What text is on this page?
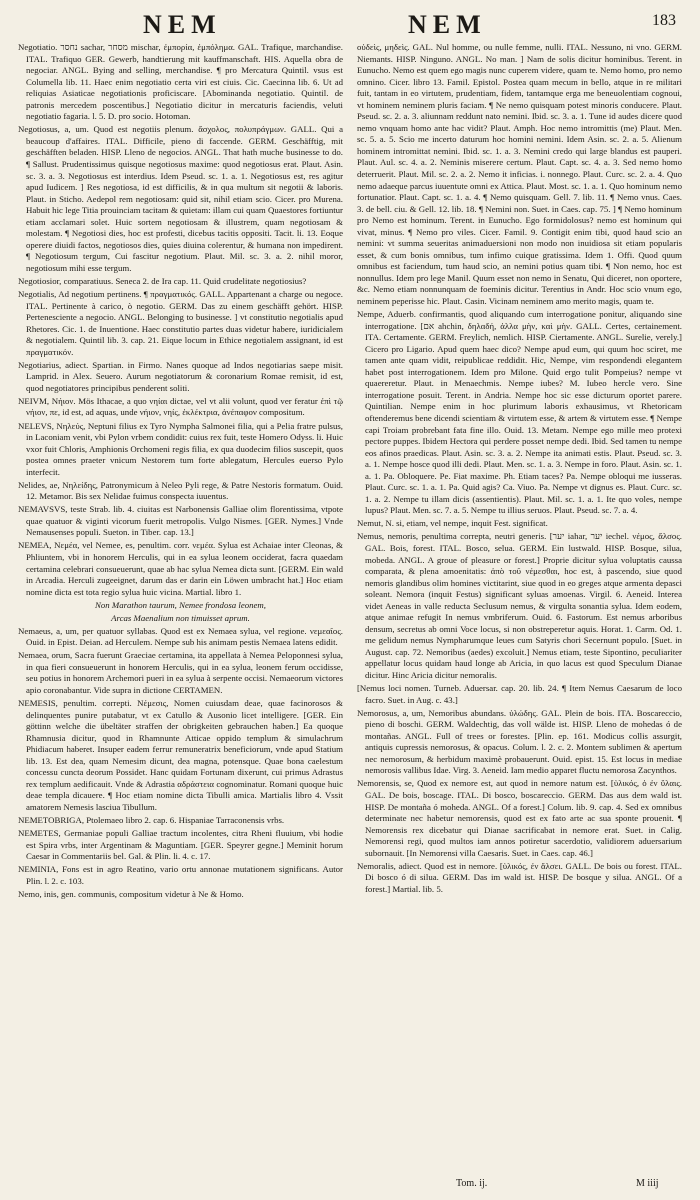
NEM	NEM	183

Negotiatio. נחסר sachar, מסחר mischar, ἐμπορία, ἐμπόλημα. GAL. Trafique, marchandise. ITAL. Trafiquo GER. Gewerb, handtierung mit kauffmanschaft. HIS. Aquella obra de negociar. ANGL. Bying and selling, merchandise. ¶ pro Mercatura Quintil. vsus est Columella lib. 11. Haec enim negotiatio certa viri est ciuis. Cic. Caecinna lib. 6. Ut ad reliquias Asiaticae negotiationis proficiscare. [Abominanda negotiatio. Quintil. de patronis mercedem poscentibus.] Negotiatio dicitur in mercaturis faciendis, veluti negotiatio fagaria. l. 5. D. pro socio. Hotoman.

Negotiosus, a, um. Quod est negotiis plenum. ἄσχολος, πολυπράγμων. GALL. Qui a beaucoup d'affaires. ITAL. Difficile, pieno di faccende. GERM. Geschäfftig, mit geschäfften beladen. HISP. Lleno de negocios. ANGL. That hath muche businesse to do. ¶ Sallust. Prudentissimus quisque negotiosus maxime: quod negotiosus erat. Plaut. Asin. sc. 3. a. 3. Negotiosus est interdius. Idem Pseud. sc. 1. a. 1. Negotiosus est, res agitur apud Iudicem. ] Res negotiosa, id est difficilis, & in qua multum sit negotii & laboris. Plaut. in Sticho. Aedepol rem negotiosam: quid sit, nihil etiam scio. Cicer. pro Murena. Habuit hic lege Titia prouinciam tacitam & quietam: illam cui quam Quaestores fortiuntur etiam acclamari solet. Huic sortem negotiosam & illustrem, quam negotiosam & molestam. ¶ Negotiosi dies, hoc est profesti, dicebus tacitis oppositi. Tacit. li. 13. Eoque operere diuidi factos, negotiosos dies, quies diuina colerentur, & humana non impedirent. ¶ Negotiosum tergum, Cui fascitur negotium. Plaut. Mil. sc. 3. a. 2. nihil moror, negotiosum mihi esse tergum.

Negotiosior, comparatiuus. Seneca 2. de Ira cap. 11. Quid crudelitate negotiosius?

Negotialis, Ad negotium pertinens. ¶ πραγματικός. GALL. Appartenant a charge ou negoce. ITAL. Pertinente à carico, ò negotio. GERM. Das zu einem geschäfft gehört. HISP. Pertenesciente a negocio. ANGL. Belonging to businesse. ] vt constitutio negotialis apud Rhetores. Cic. 1. de Inuentione. Haec constitutio partes duas videtur habere, iuridicialem & negotialem. Quintil lib. 3. cap. 21. Eique locum in Ethice negotialem assignant, id est πραγματικόν.

Negotiarius, adiect. Spartian. in Firmo. Nanes quoque ad Indos negotiarias saepe misit. Lamprid. in Alex. Seuero. Aurum negotiatorum & coronarium Romae remisit, id est, quod negotiatores principibus penderent soliti.

NEIVM, Νήιον. Mös Ithacae, a quo νηίαι dictae, vel vt alii volunt, quod ver feratur ἐπὶ τῷ νήιον, πε, id est, ad aquas, unde νήιον, νηίς, ἐκλέκτρια, ἀνέπαφον compositum.

NELEVS, Νηλεύς, Neptuni filius ex Tyro Nympha Salmonei filia, qui a Pelia fratre pulsus, in Laconiam venit, vbi Pylon vrbem condidit: cuius rex fuit, teste Homero Odyss. li. Huic vxor fuit Chloris, Amphionis Orchomeni regis filia, ex qua duodecim filios suscepit, quos postea omnes praeter vnicum Nestorem tum forte ablegatum, Hercules euerso Pylo interfecit.

Nelides, ae, Νηλείδης, Patronymicum à Neleo Pyli rege, & Patre Nestoris formatum. Ouid. 12. Metamor. Bis sex Nelidae fuimus conspecta iuuentus.

NEMAVSVS, teste Strab. lib. 4. ciuitas est Narbonensis Galliae olim florentissima, vtpote quae quatuor & viginti vicorum fuerit metropolis. Vulgo Nismes. [GER. Nymes.] Vnde Nemausenses populi. Sueton. in Tiber. cap. 13.]

NEMEA, Νεμέα, vel Nemee, es, penultim. corr. νεμέα. Sylua est Achaiae inter Cleonas, & Phliuntem, vbi in honorem Herculis, qui in ea sylua leonem occiderat, facra quaedam certamina celebrari consueuerunt, quae ab hac sylua Nemea dicta sunt. [GERM. Ein wald in Arcadia. Herculi zugeeignet, darum das er darin ein Löwen umbracht hat.] Hoc etiam nomine dicta est tota regio sylua huic vicina. Martial. libro 1.

Non Marathon taurum, Nemee frondosa leonem,

Arcas Maenalium non timuisset aprum.

Nemaeus, a, um, per quatuor syllabas. Quod est ex Nemaea sylua, vel regione. νεμεαῖος. Ouid. in Epist. Deian. ad Herculem. Nempe sub his animam pestis Nemaea latens edidit.

Nemaea, orum, Sacra fuerunt Graeciae certamina, ita appellata à Nemea Peloponnesi sylua, in qua fieri consueuerunt in honorem Herculis, qui in ea sylua, leonem ferum occidisse, seu potius in honorem Archemori pueri in ea sylua à serpente occisi. Nemaeorum victores apio coronabantur. Vide supra in dictione CERTAMEN.

NEMESIS, penultim. correpti. Νέμεσις, Nomen cuiusdam deae, quae facinorosos & delinquentes punire putabatur, vt ex Catullo & Ausonio licet intelligere. [GER. Ein göttinn welche die übeltäter straffen der obrigkeiten gebrauchen haben.] Ea quoque Rhamnusia dicitur, quod in Rhamnunte Atticae oppido templum & simulachrum Phidiacum haberet. Insuper eadem ferrur remuneratrix beneficiorum, vnde apud Statium lib. 13. Est dea, quam Nemesim dicunt, dea magna, potensque. Quae bona caelestum concessu cuncta deorum Possidet. Hanc quidam Fortunam dixerunt, cui primus Adrastus rex templum aedificauit. Vnde & Adrastia αδράστεια cognominatur. Romani quoque huic deae templa dicauere. ¶ Hoc etiam nomine dicta Tibulli amica. Martialis libro 4. Vssit amatorem Nemesis lasciua Tibullum.

NEMETOBRIGA, Ptolemaeo libro 2. cap. 6. Hispaniae Tarraconensis vrbs.

NEMETES, Germaniae populi Galliae tractum incolentes, citra Rheni fluuium, vbi hodie est Spira vrbs, inter Argentinam & Maguntiam. [GER. Speyrer gegne.] Meminit horum Caesar in Commentariis bel. Gal. & Plin. li. 4. c. 17.

NEMINIA, Fons est in agro Reatino, vario ortu annonae mutationem significans. Autor Plin. l. 2. c. 103.

Nemo, inis, gen. communis, compositum videtur à Ne & Homo.

οὐδεὶς, μηδεὶς. GAL. Nul homme, ou nulle femme, nulli. ITAL. Nessuno, ni vno. GERM. Niemants. HISP. Ninguno. ANGL. No man. ] Nam de solis dicitur hominibus. Terent. in Eunucho. Nemo est quem ego magis nunc cuperem videre, quam te. Nemo homo, pro nemo omnino. Cicer. libro 13. Famil. Epistol. Postea quam mecum in bello, atque in re militari fuit, tantam in eo virtutem, prudentiam, fidem, tantamque erga me beneuolentiam cognoui, vt hominem neminem pluris faciam. ¶ Ne nemo quisquam potest minoris conducere. Plaut. Pseud. sc. 2. a. 3. aliunnam reddunt nato nemini. Ibid. sc. 3. a. 1. Tune id audes dicere quod nemo vnquam homo ante hac vidit? Plaut. Amph. Hoc nemo intromittis (me) Plaut. Men. sc. 5. a. 5. Scio me incerto daturum hoc homini nemini. Idem Asin. sc. 2. a. 5. Alienum hominem intromittat nemini. Ibid. sc. 1. a. 3. Nemini credo qui large blandus est pauperi. Plaut. Aul. sc. 4. a. 2. Neminis miserere certum. Plaut. Capt. sc. 4. a. 3. Sed nemo homo deterruerit. Plaut. Mil. sc. 2. a. 2. Nemo it inficias. i. nonnego. Plaut. Curc. sc. 2. a. 4. Quo nemo adaeque parcus iuuentute omni ex Attica. Plaut. Most. sc. 1. a. 1. Quo hominum nemo fortunatior. Plaut. Capt. sc. 1. a. 4. ¶ Nemo quisquam. Gell. 7. lib. 11. ¶ Nemo vnus. Caes. 3. de bell. ciu. & Gell. 12. lib. 18. ¶ Nemini non. Suet. in Caes. cap. 75. ] ¶ Nemo hominum pro Nemo est hominum. Terent. in Eunucho. Ego formidolosus? nemo est hominum qui vivat, minus. ¶ Nemo pro viles. Cicer. Famil. 9. Contigit enim tibi, quod haud scio an nemini: vt summa seueritas animaduersioni non modo non inuidiosa sit etiam popularis esset, & cum bonis omnibus, tum infimo cuique gratissima. Idem 1. Offi. Quod quum omnibus est faciendum, tum haud scio, an nemini potius quam tibi. ¶ Non nemo, hoc est nonnullus. Idem pro lege Manil. Quum esset non nemo in Senatu, Qui diceret, non oportere, &c. Nemo etiam nonnunquam de foeminis dicitur. Terentius in Andr. Hoc scio vnum ego, neminem peperisse hic. Plaut. Casin. Vicinam neminem amo merito magis, quam te.

Nempe, Aduerb. confirmantis, quod aliquando cum interrogatione ponitur, aliquando sine interrogatione. [אם ahchin, δηλαδή, ἀλλα μὴν, καὶ μὴν. GALL. Certes, certainement. ITA. Certamente. GERM. Freylich, nemlich. HISP. Ciertamente. ANGL. Surelie, verely.] Cicero pro Ligario. Apud quem haec dico? Nempe apud eum, qui quum hoc sciret, me tamen ante quam vidit, reipublicae reddidit. Hic, Nempe, vim respondendi elegantem habet post interrogationem. Idem pro Milone. Quid ergo tulit Pompeius? nempe vt quaereretur. Plaut. in Menaechmis. Nempe iubes? M. Iubeo hercle vero. Sine interrogatione posuit. Terent. in Andria. Nempe hoc sic esse dicturum oportet parere. Quintilian. Nempe enim in hoc plurimum laboris exhausimus, vt Rhetoricam oftenderemus bene dicendi scientiam & virtutem esse, & artem & virtutem esse. ¶ Nempe capi Troiam probrebant fata fine illo. Ouid. 13. Metam. Nempe ego mille meo protexi pectore puppes. Ibidem Hectora qui perdere posset nempe dedi. Ibid. Sed tamen tu nempe eos afinos praedicas. Plaut. Asin. sc. 3. a. 2. Nempe ita animati estis. Plaut. Pseud. sc. 3. a. 1. Nempe hosce quod illi dedi. Plaut. Men. sc. 1. a. 3. Nempe in foro. Plaut. Asin. sc. 1. a. 1. Pa. Obloquere. Pe. Fiat maxime. Ph. Etiam taces? Pa. Nempe obloqui me iusseras. Plaut. Curc. sc. 1. a. 1. Pa. Quid agis? Ca. Viuo. Pa. Nempe vt dignus es. Plaut. Curc. sc. 1. a. 2. Nempe tu illam dicis (assentientis). Plaut. Mil. sc. 1. a. 1. Ite quo voles, nempe lupus? Plaut. Men. sc. 7. a. 5. Nempe tu illius seruos. Plaut. Pseud. sc. 7. a. 4.

Nemut, N. si, etiam, vel nempe, inquit Fest. significat.

Nemus, nemoris, penultima correpta, neutri generis. [יער iahar, יער iechel. νέμος, ἄλσος. GAL. Bois, forest. ITAL. Bosco, selua. GERM. Ein lustwald. HISP. Bosque, silua, mobeda. ANGL. A groue of pleasure or forest.] Proprie dicitur sylua voluptatis caussa comparata, & plena amoenitatis: ἀπὸ τοῦ νέμεσθαι, hoc est, à pascendo, siue quod nemoris glandibus olim homines victitarint, siue quod in eo greges atque armenta depasci soleant. Nemora (inquit Festus) significant syluas amoenas. Virgil. 6. Aeneid. Interea videt Aeneas in valle reducta Seclusum nemus, & virgulta sonantia sylua. Idem eodem, atque animae refugit In nemus vmbriferum. Ouid. 6. Fastorum. Est nemus arboribus densum, secretus ab omni Voce locus, si non obstreperetur aquis. Horat. 1. Carm. Od. 1. me gelidum nemus Nympharumque leues cum Satyris chori Secernunt populo. [Suet. in August. cap. 72. Nemoribus (aedes) excoluit.] Nemus etiam, teste Sipontino, peculiariter appellatur locus quidam haud longe ab Aricia, in quo lacus est quod Speculum Dianae dicitur. Hinc Aricia dicitur nemoralis.

[Nemus loci nomen. Turneb. Aduersar. cap. 20. lib. 24. ¶ Item Nemus Caesarum de loco facro. Suet. in Aug. c. 43.]

Nemorosus, a, um, Nemoribus abundans. ὑλώδης. GAL. Plein de bois. ITA. Boscareccio, pieno di boschi. GERM. Waldechtig, das voll wälde ist. HISP. Lleno de mohedas ó de montañas. ANGL. Full of trees or forestes. [Plin. ep. 161. Modicus collis assurgit, antiquis cupressis nemorosus, & opacus. Colum. l. 2. c. 2. Montem sublimen & apertum nec nemorosum, & herbidum maximè probauerunt. Ouid. epist. 15. Est locus in mediae nemorosis vallibus Idae. Virg. 3. Aeneid. Iam medio apparet fluctu nemorosa Zacynthos.

Nemorensis, se, Quod ex nemore est, aut quod in nemore natum est. [ὑλικός, ὁ ἐν ὕλαις. GAL. De bois, boscage. ITAL. Di bosco, boscareccio. GERM. Das aus dem wald ist. HISP. De montaña ó moheda. ANGL. Of a forest.] Colum. lib. 9. cap. 4. Sed ex omnibus determinate nec habetur nemorensis, quod est ex fato arte ac sua sponte prouenit. ¶ Nemorensis rex dicebatur qui Dianae sacrificabat in nemore erat. Suet. in Calig. Nemorensi regi, quod multos iam annos potiretur sacerdotio, validiorem aduersarium subornauit. [In Nemorensi villa Caesaris. Suet. in Caes. cap. 46.]

Nemoralis, adiect. Quod est in nemore. [ὑλικός, ἐν ἄλσει. GALL. De bois ou forest. ITAL. Di bosco ó di silua. GERM. Das im wald ist. HISP. De bosque y silua. ANGL. Of a forest.] Martial. lib. 5.

Tom. ij.	M iiij
